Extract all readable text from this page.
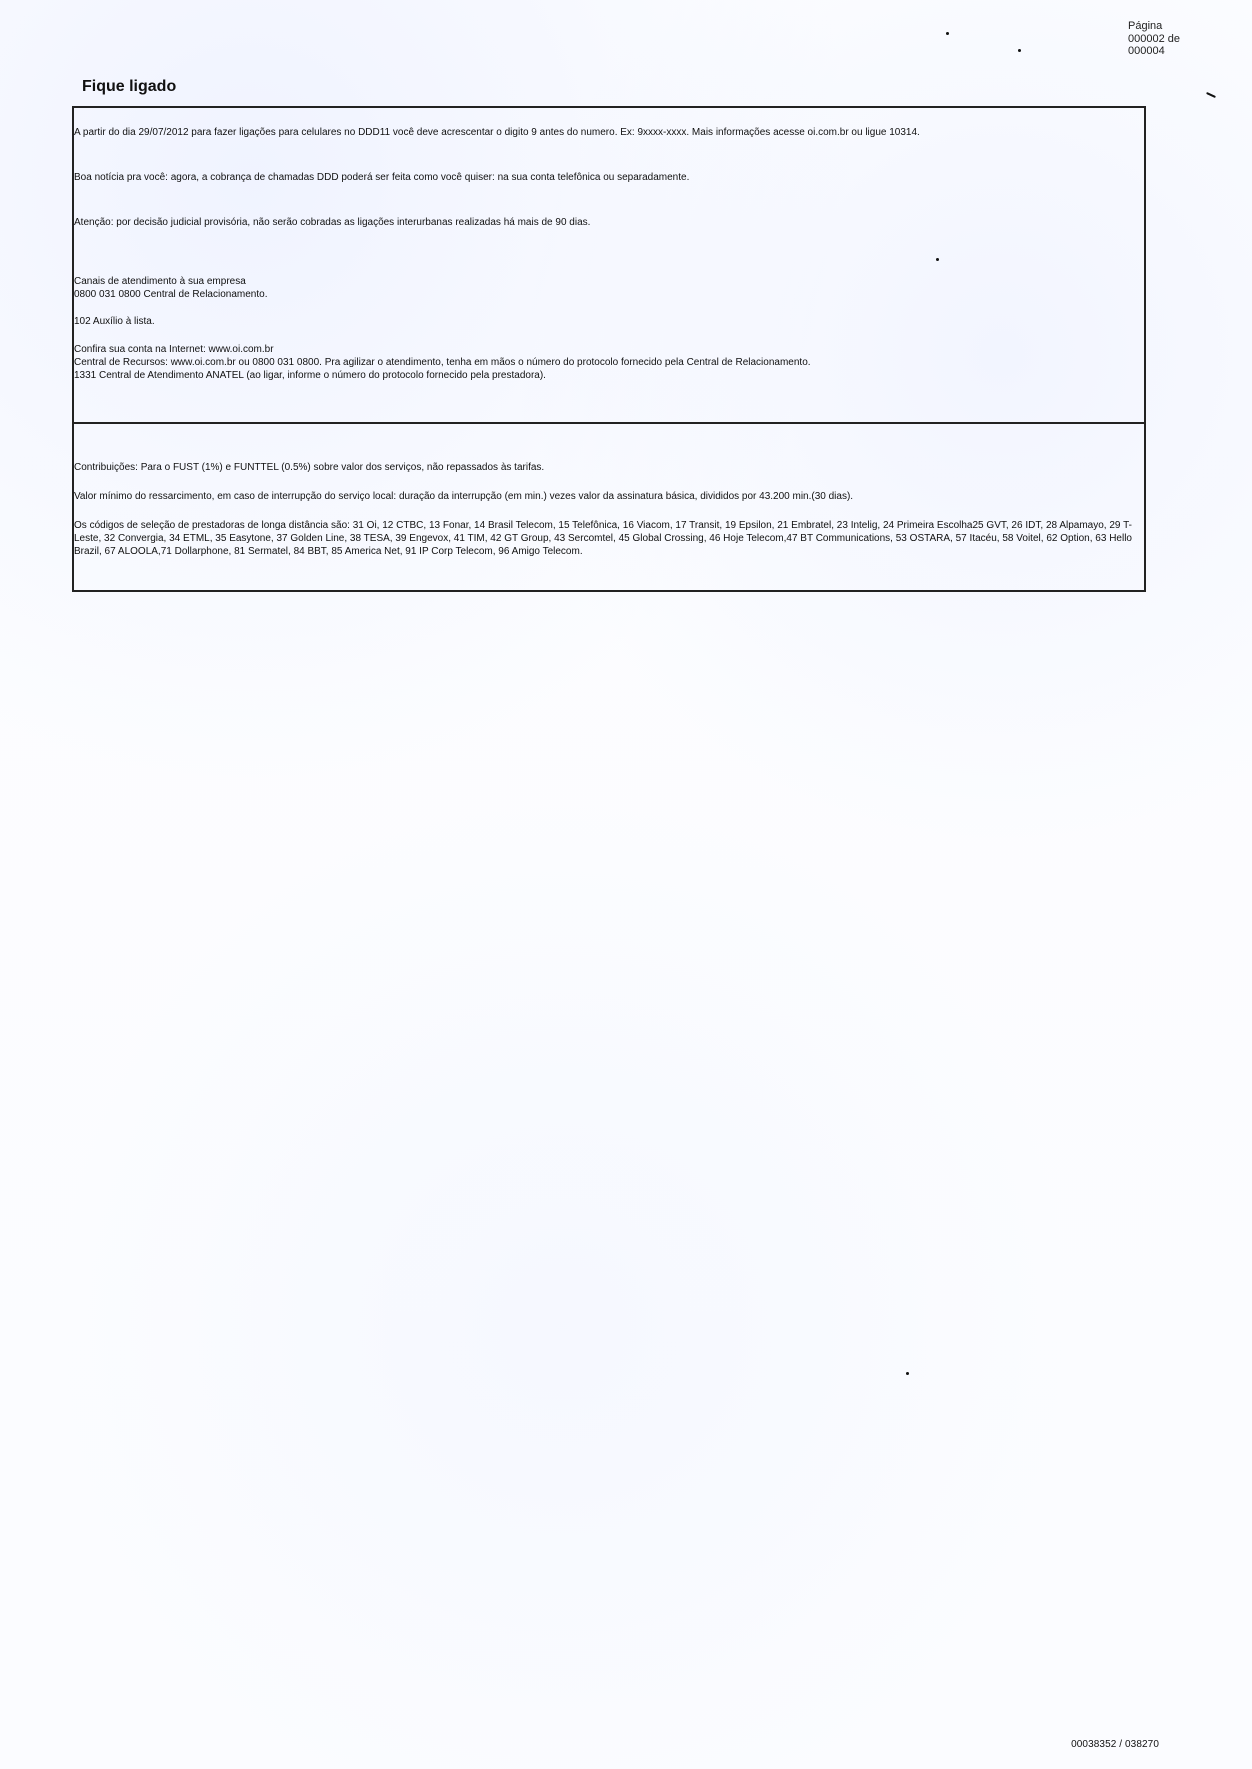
Página
000002 de
000004
Fique ligado
A partir do dia 29/07/2012 para fazer ligações para celulares no DDD11 você deve acrescentar o digito 9 antes do numero. Ex: 9xxxx-xxxx. Mais informações acesse oi.com.br ou ligue 10314.
Boa notícia pra você: agora, a cobrança de chamadas DDD poderá ser feita como você quiser: na sua conta telefônica ou separadamente.
Atenção: por decisão judicial provisória, não serão cobradas as ligações interurbanas realizadas há mais de 90 dias.
Canais de atendimento à sua empresa
0800 031 0800 Central de Relacionamento.
102 Auxílio à lista.
Confira sua conta na Internet: www.oi.com.br
Central de Recursos: www.oi.com.br ou 0800 031 0800. Pra agilizar o atendimento, tenha em mãos o número do protocolo fornecido pela Central de Relacionamento.
1331 Central de Atendimento ANATEL (ao ligar, informe o número do protocolo fornecido pela prestadora).
Contribuições: Para o FUST (1%) e FUNTTEL (0.5%) sobre valor dos serviços, não repassados às tarifas.
Valor mínimo do ressarcimento, em caso de interrupção do serviço local: duração da interrupção (em min.) vezes valor da assinatura básica, divididos por 43.200 min.(30 dias).
Os códigos de seleção de prestadoras de longa distância são: 31 Oi, 12 CTBC, 13 Fonar, 14 Brasil Telecom, 15 Telefônica, 16 Viacom, 17 Transit, 19 Epsilon, 21 Embratel, 23 Intelig, 24 Primeira Escolha25 GVT, 26 IDT, 28 Alpamayo, 29 T-Leste, 32 Convergia, 34 ETML, 35 Easytone, 37 Golden Line, 38 TESA, 39 Engevox, 41 TIM, 42 GT Group, 43 Sercomtel, 45 Global Crossing, 46 Hoje Telecom,47 BT Communications, 53 OSTARA, 57 Itacéu, 58 Voitel, 62 Option, 63 Hello Brazil, 67 ALOOLA,71 Dollarphone, 81 Sermatel, 84 BBT, 85 America Net, 91 IP Corp Telecom, 96 Amigo Telecom.
00038352 / 038270
